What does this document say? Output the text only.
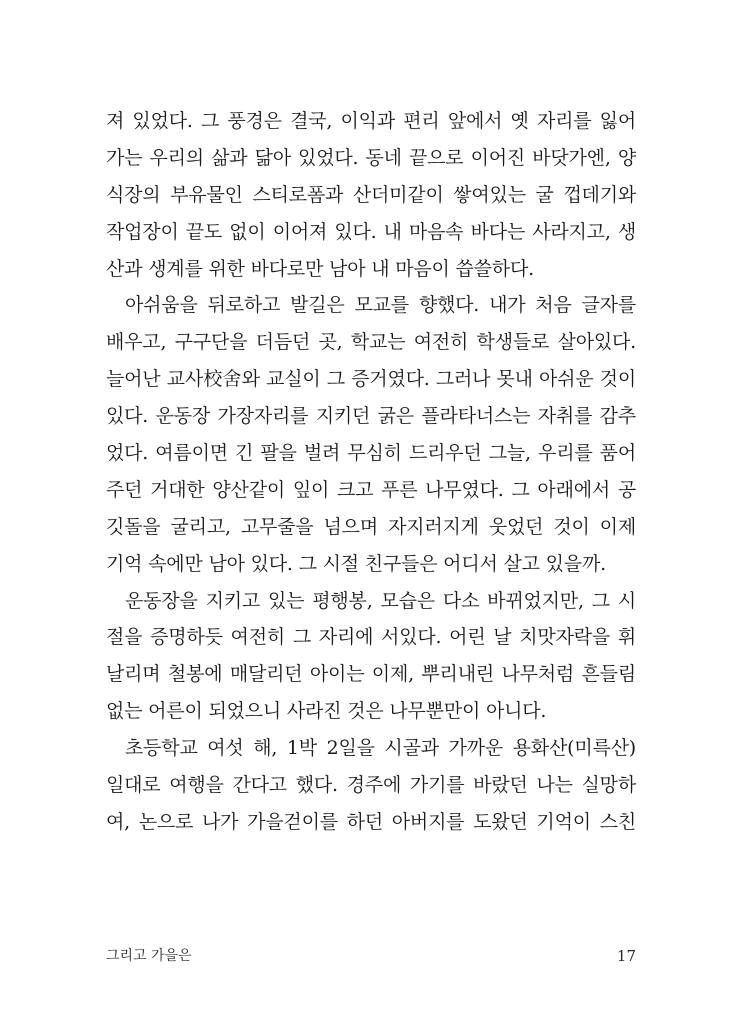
져 있었다. 그 풍경은 결국, 이익과 편리 앞에서 옛 자리를 잃어
가는 우리의 삶과 닮아 있었다. 동네 끝으로 이어진 바닷가엔, 양
식장의 부유물인 스티로폼과 산더미같이 쌓여있는 굴 껍데기와
작업장이 끝도 없이 이어져 있다. 내 마음속 바다는 사라지고, 생
산과 생계를 위한 바다로만 남아 내 마음이 씁쓸하다.
아쉬움을 뒤로하고 발길은 모교를 향했다. 내가 처음 글자를
배우고, 구구단을 더듬던 곳, 학교는 여전히 학생들로 살아있다.
늘어난 교사校舍와 교실이 그 증거였다. 그러나 못내 아쉬운 것이
있다. 운동장 가장자리를 지키던 굵은 플라타너스는 자취를 감추
었다. 여름이면 긴 팔을 벌려 무심히 드리우던 그늘, 우리를 품어
주던 거대한 양산같이 잎이 크고 푸른 나무였다. 그 아래에서 공
깃돌을 굴리고, 고무줄을 넘으며 자지러지게 웃었던 것이 이제
기억 속에만 남아 있다. 그 시절 친구들은 어디서 살고 있을까.
운동장을 지키고 있는 평행봉, 모습은 다소 바뀌었지만, 그 시
절을 증명하듯 여전히 그 자리에 서있다. 어린 날 치맛자락을 휘
날리며 철봉에 매달리던 아이는 이제, 뿌리내린 나무처럼 흔들림
없는 어른이 되었으니 사라진 것은 나무뿐만이 아니다.
초등학교 여섯 해, 1박 2일을 시골과 가까운 용화산(미륵산)
일대로 여행을 간다고 했다. 경주에 가기를 바랐던 나는 실망하
여, 논으로 나가 가을걷이를 하던 아버지를 도왔던 기억이 스친
그리고 가을은	17
